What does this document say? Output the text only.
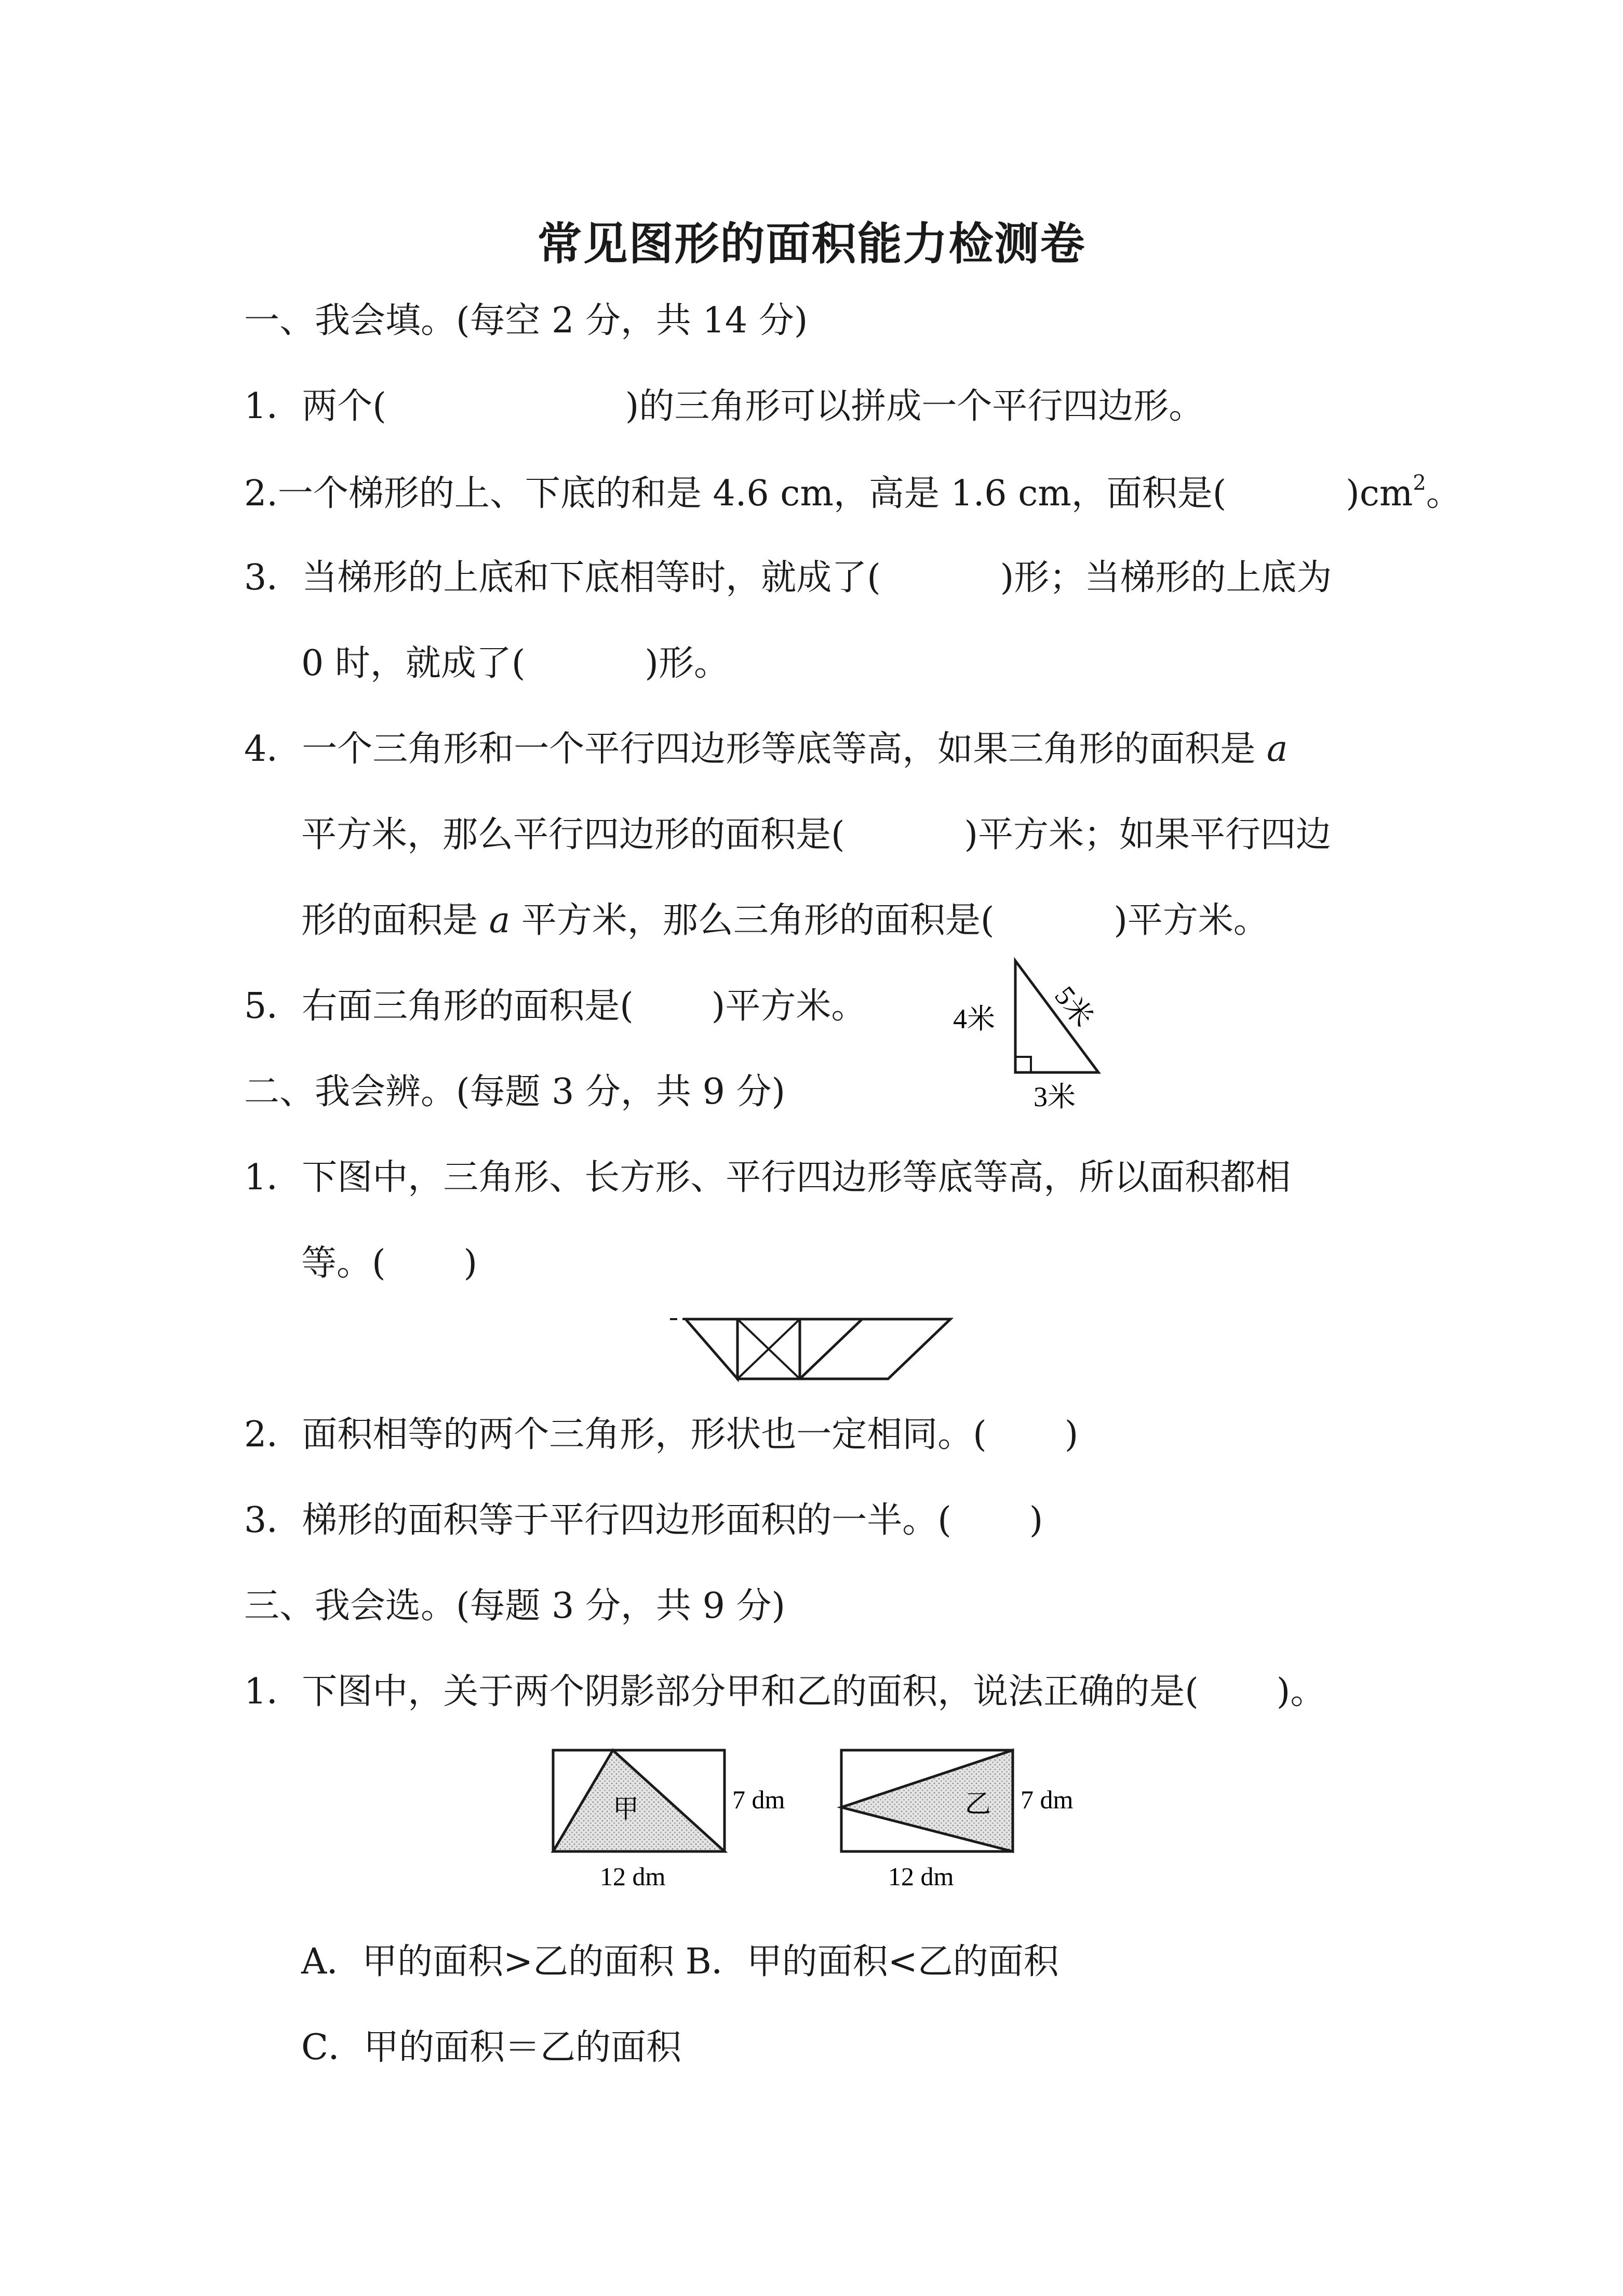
常见图形的面积能力检测卷
一、我会填。(每空 2 分，共 14 分)
1．两个(	)的三角形可以拼成一个平行四边形。
2.一个梯形的上、下底的和是 4.6 cm，高是 1.6 cm，面积是(	)$cm^2$。
3．当梯形的上底和下底相等时，就成了(	)形；当梯形的上底为
0 时，就成了(	)形。
4．一个三角形和一个平行四边形等底等高，如果三角形的面积是 a
平方米，那么平行四边形的面积是(	)平方米；如果平行四边
形的面积是 a 平方米，那么三角形的面积是(	)平方米。
5．右面三角形的面积是( )平方米。	4米 5米
3米
二、我会辨。(每题 3 分，共 9 分)
1．下图中，三角形、长方形、平行四边形等底等高，所以面积都相
等。( )
2．面积相等的两个三角形，形状也一定相同。( )
3．梯形的面积等于平行四边形面积的一半。( )
三、我会选。(每题 3 分，共 9 分)
1．下图中，关于两个阴影部分甲和乙的面积，说法正确的是( )。
甲	7 dm
12 dm
乙 7 dm
12 dm
A．甲的面积>乙的面积 B．甲的面积<乙的面积
C．甲的面积＝乙的面积
